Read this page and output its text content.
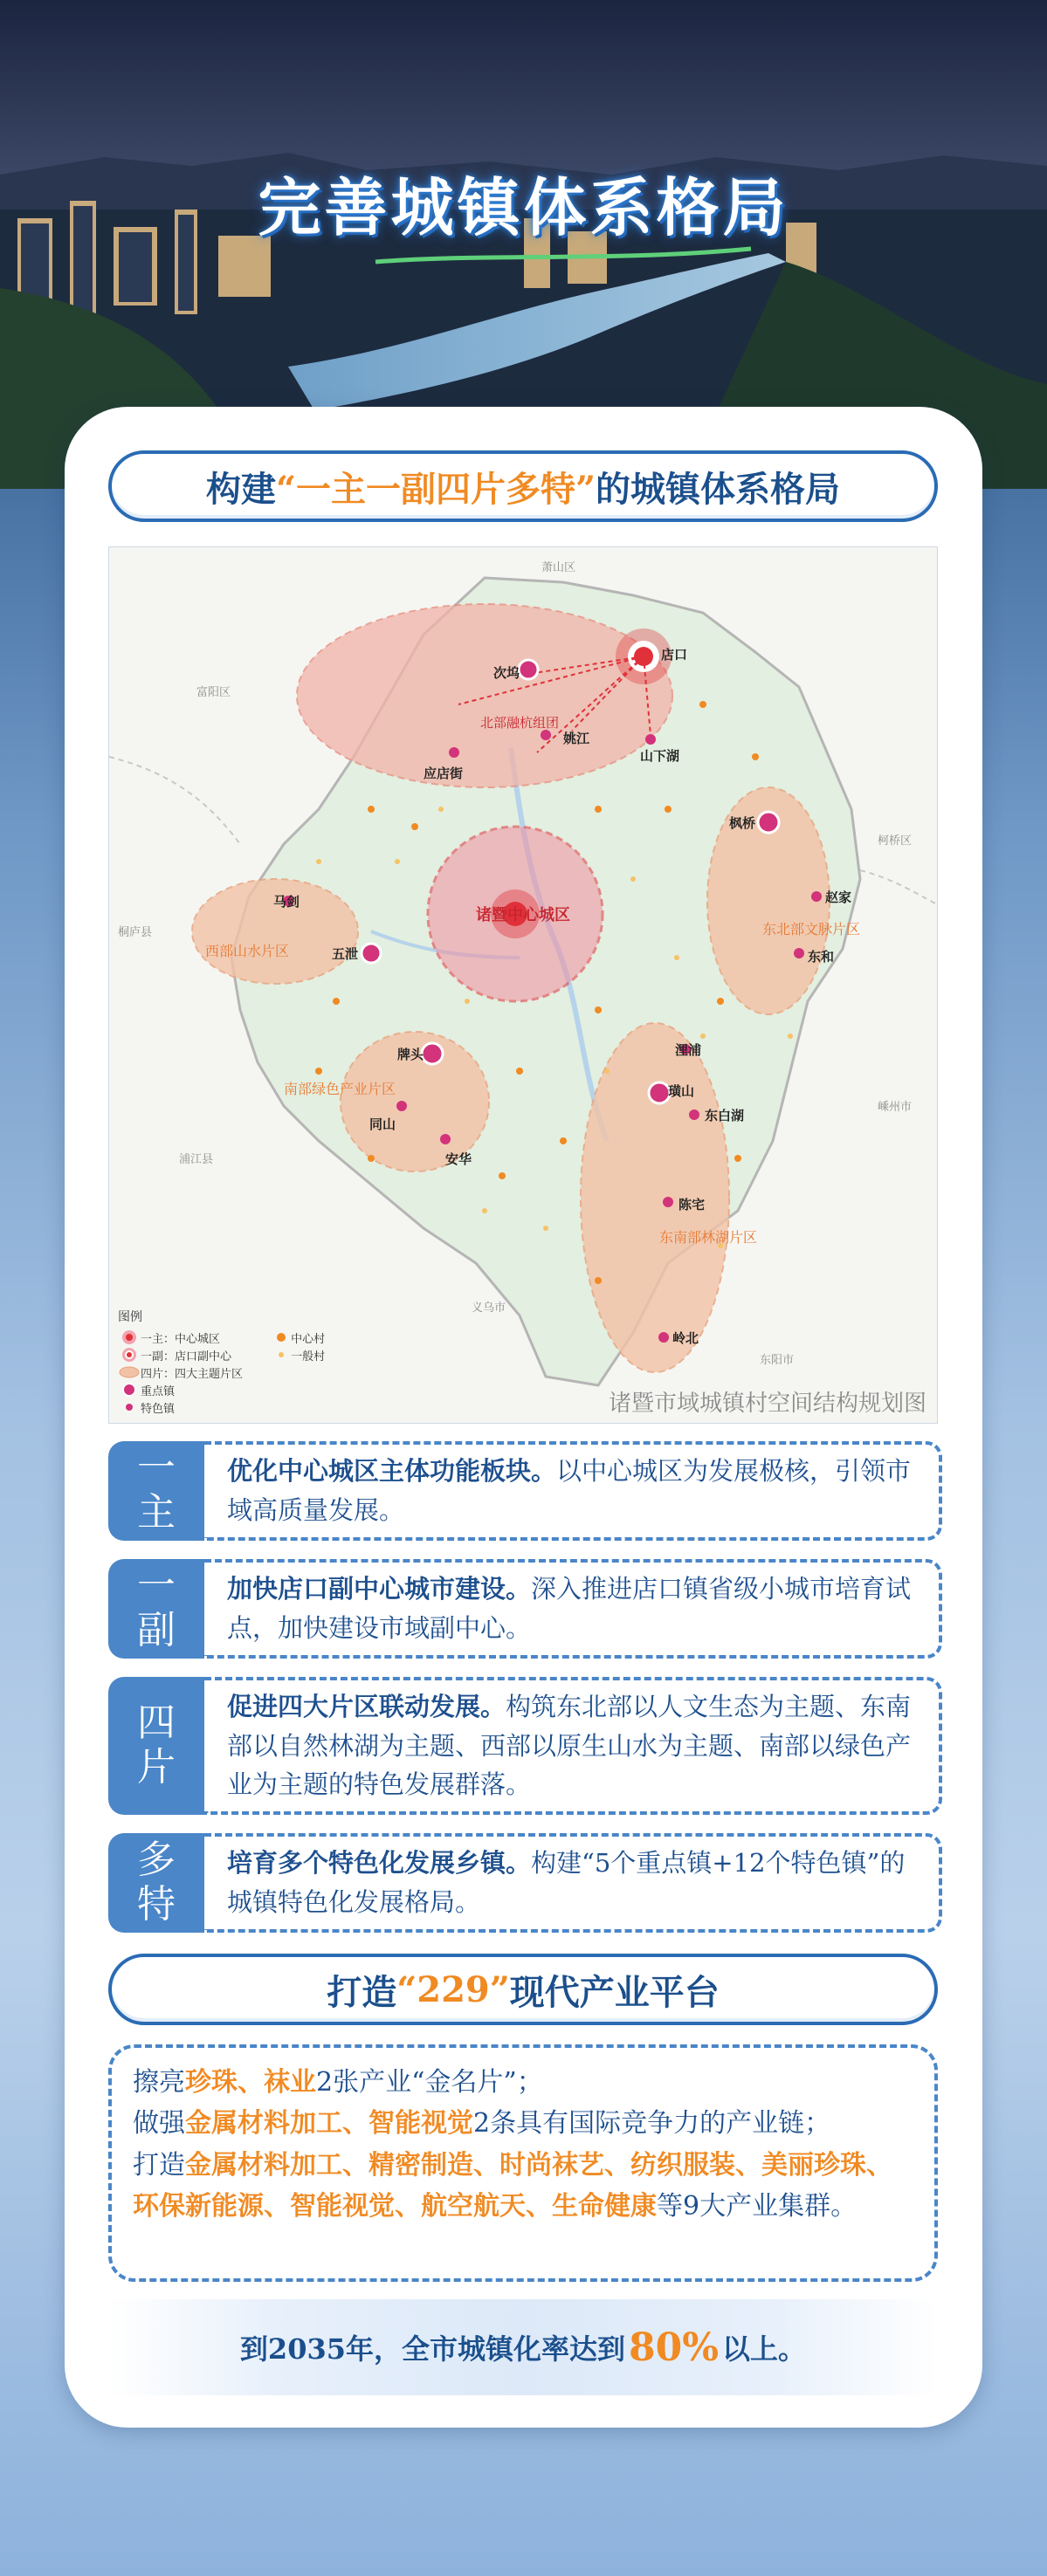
完善城镇体系格局
构建 “一主一副四片多特” 的城镇体系格局
诸暨中心城区
北部融杭组团
西部山水片区
东北部文脉片区
南部绿色产业片区
东南部林湖片区
店口
次坞
姚江
山下湖
应店街
枫桥
马剑
五泄
牌头
同山
安华
赵家
东和
璜山
东白湖
陈宅
岭北
浬浦
萧山区
富阳区
桐庐县
浦江县
义乌市
东阳市
嵊州市
柯桥区
图例
一主：中心城区
	中心村
一副：店口副中心
	一般村
四片：四大主题片区
重点镇
特色镇	诸暨市域城镇村空间结构规划图
一
主
优化中心城区主体功能板块。以中心城区为发展极核，引领市域高质量发展。
一
副
加快店口副中心城市建设。深入推进店口镇省级小城市培育试点，加快建设市域副中心。
四
片
促进四大片区联动发展。构筑东北部以人文生态为主题、东南部以自然林湖为主题、西部以原生山水为主题、南部以绿色产业为主题的特色发展群落。
多
特
培育多个特色化发展乡镇。构建“5个重点镇+12个特色镇”的城镇特色化发展格局。
打造 “229” 现代产业平台
擦亮珍珠、袜业2张产业“金名片”；
做强金属材料加工、智能视觉2条具有国际竞争力的产业链；
打造金属材料加工、精密制造、时尚袜艺、纺织服装、美丽珍珠、环保新能源、智能视觉、航空航天、生命健康等9大产业集群。
到2035年，全市城镇化率达到 80% 以上。
